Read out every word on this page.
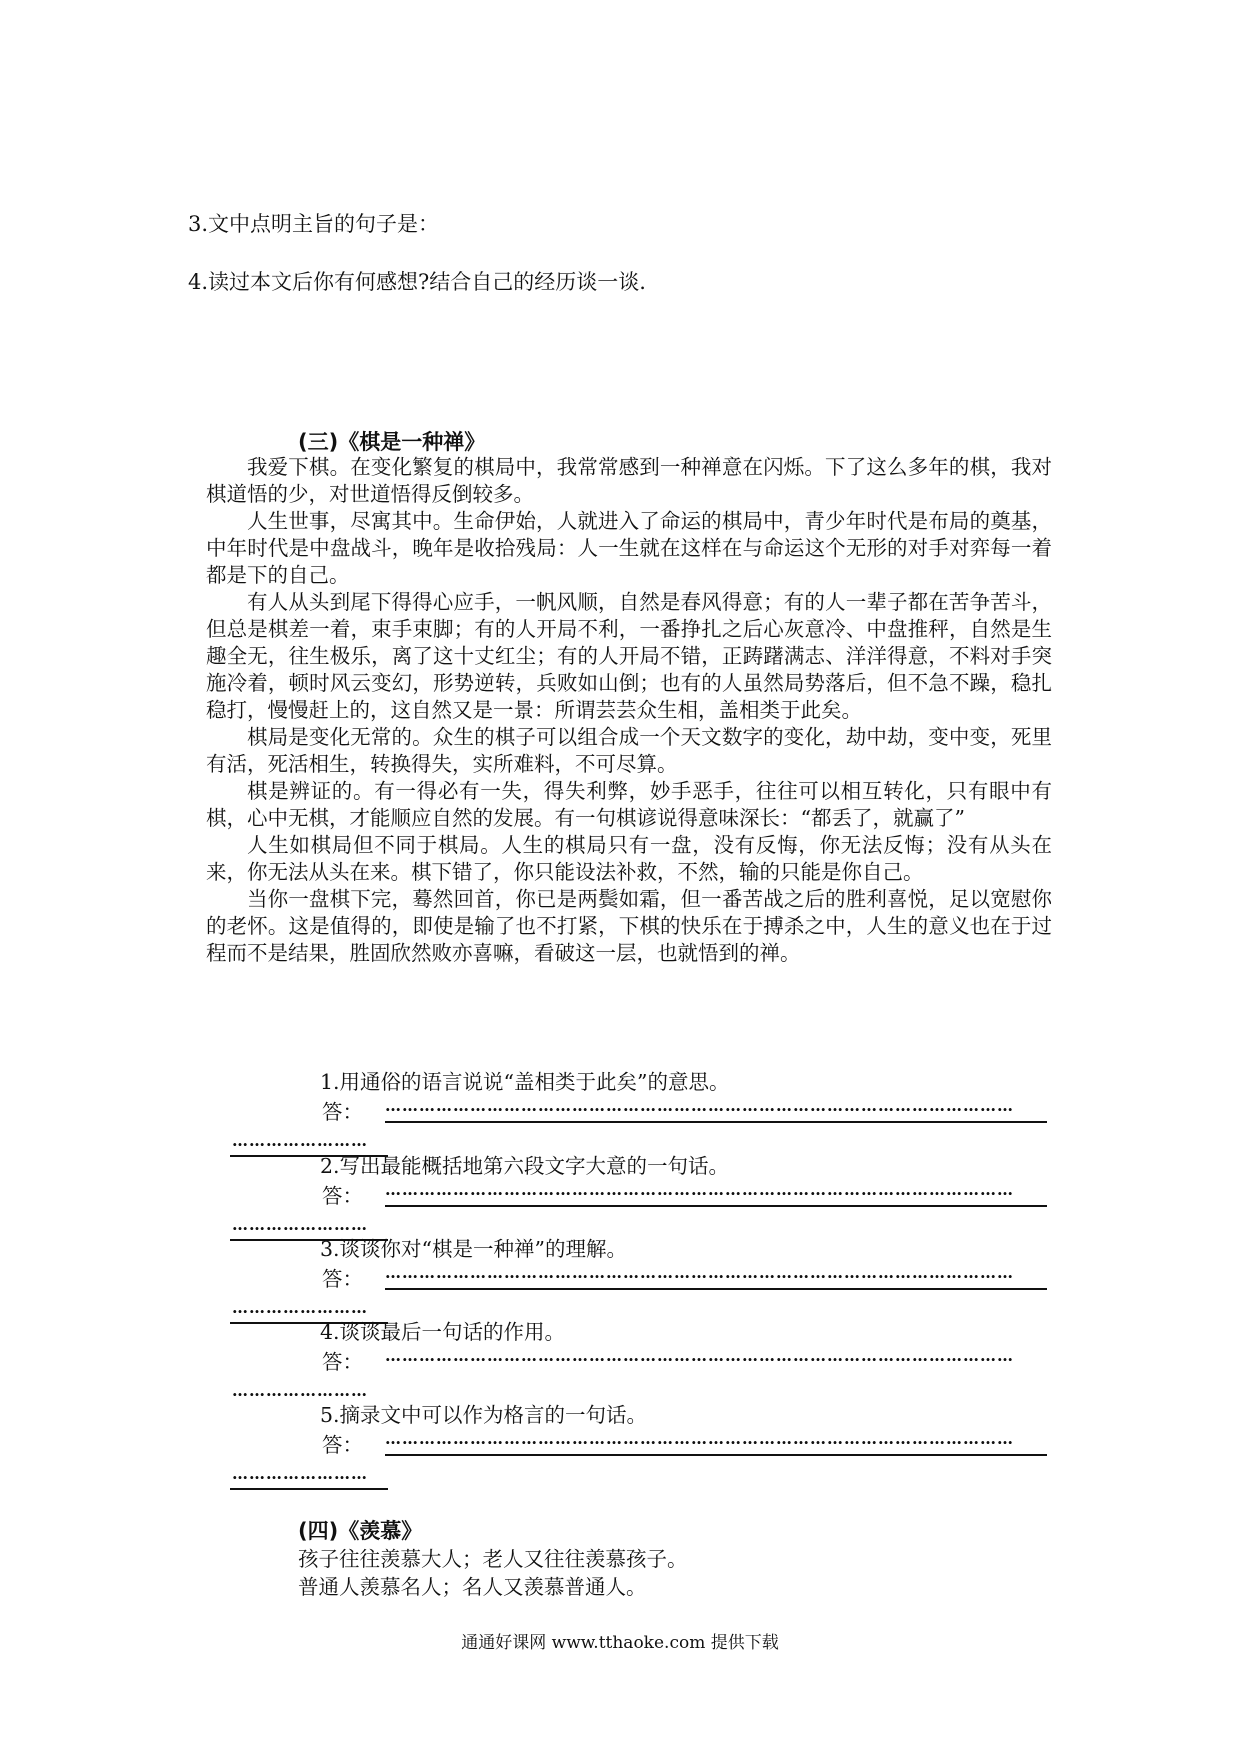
3.文中点明主旨的句子是：
4.读过本文后你有何感想?结合自己的经历谈一谈.
(三)《棋是一种禅》

我爱下棋。在变化繁复的棋局中，我常常感到一种禅意在闪烁。下了这么多年的棋，我对棋道悟的少，对世道悟得反倒较多。

人生世事，尽寓其中。生命伊始，人就进入了命运的棋局中，青少年时代是布局的奠基，中年时代是中盘战斗，晚年是收拾残局：人一生就在这样在与命运这个无形的对手对弈每一着都是下的自己。

有人从头到尾下得得心应手，一帆风顺，自然是春风得意；有的人一辈子都在苦争苦斗，但总是棋差一着，束手束脚；有的人开局不利，一番挣扎之后心灰意冷、中盘推秤，自然是生趣全无，往生极乐，离了这十丈红尘；有的人开局不错，正踌躇满志、洋洋得意，不料对手突施冷着，顿时风云变幻，形势逆转，兵败如山倒；也有的人虽然局势落后，但不急不躁，稳扎稳打，慢慢赶上的，这自然又是一景：所谓芸芸众生相，盖相类于此矣。

棋局是变化无常的。众生的棋子可以组合成一个天文数字的变化，劫中劫，变中变，死里有活，死活相生，转换得失，实所难料，不可尽算。

棋是辨证的。有一得必有一失，得失利弊，妙手恶手，往往可以相互转化，只有眼中有棋，心中无棋，才能顺应自然的发展。有一句棋谚说得意味深长：“都丢了，就赢了”

人生如棋局但不同于棋局。人生的棋局只有一盘，没有反悔，你无法反悔；没有从头在来，你无法从头在来。棋下错了，你只能设法补救，不然，输的只能是你自己。

当你一盘棋下完，蓦然回首，你已是两鬓如霜，但一番苦战之后的胜利喜悦，足以宽慰你的老怀。这是值得的，即使是输了也不打紧，下棋的快乐在于搏杀之中，人生的意义也在于过程而不是结果，胜固欣然败亦喜嘛，看破这一层，也就悟到的禅。

1.用通俗的语言说说“盖相类于此矣”的意思。
答： …………………………………………………………………………………………………
……………………
2.写出最能概括地第六段文字大意的一句话。
答： …………………………………………………………………………………………………
……………………
3.谈谈你对“棋是一种禅”的理解。
答： …………………………………………………………………………………………………
……………………
4.谈谈最后一句话的作用。
答： …………………………………………………………………………………………………
……………………
5.摘录文中可以作为格言的一句话。
答： …………………………………………………………………………………………………
……………………
(四)《羡慕》

孩子往往羡慕大人；老人又往往羡慕孩子。

普通人羡慕名人；名人又羡慕普通人。

通通好课网 www.tthaoke.com 提供下载
